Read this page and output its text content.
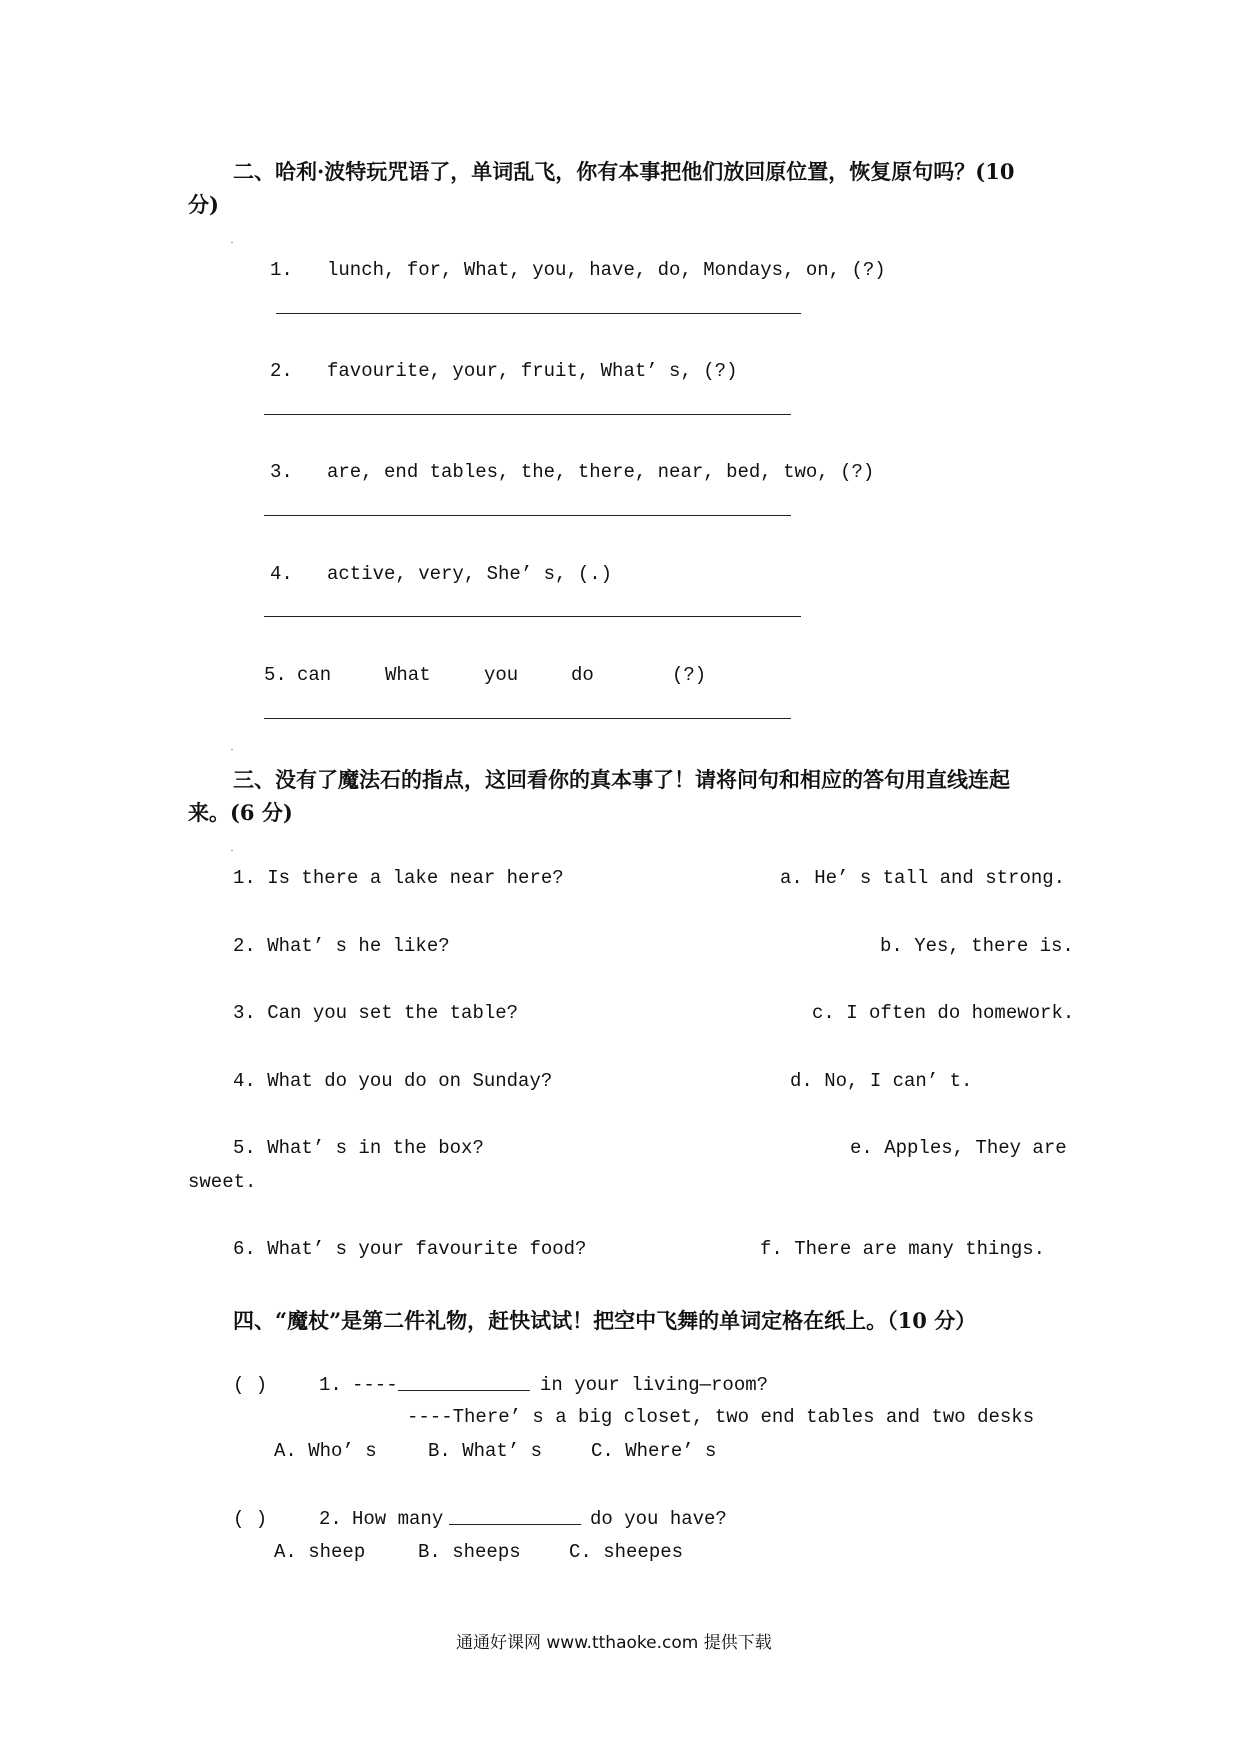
二、哈利·波特玩咒语了，单词乱飞，你有本事把他们放回原位置，恢复原句吗？(10
分)
1. lunch, for, What, you, have, do, Mondays, on, (?)
2. favourite, your, fruit, What’ s, (?)
3. are, end tables, the, there, near, bed, two, (?)
4. active, very, She’ s, (.)
5. can	What	you	do	(?)
三、没有了魔法石的指点，这回看你的真本事了！请将问句和相应的答句用直线连起
来。(6 分)
1. Is there a lake near here?	a. He’ s tall and strong.
2. What’ s he like?	b. Yes, there is.
3. Can you set the table?	c. I often do homework.
4. What do you do on Sunday?	d. No, I can’ t.
5. What’ s in the box?	e. Apples, They are
sweet.
6. What’ s your favourite food?	f. There are many things.
四、“魔杖”是第二件礼物，赶快试试！把空中飞舞的单词定格在纸上。（10 分）
( )	1. ----	in your living—room?
----There’ s a big closet, two end tables and two desks
A. Who’ s	B. What’ s	C. Where’ s
( )	2. How many	do you have?
A. sheep	B. sheeps	C. sheepes
通通好课网 www.tthaoke.com 提供下载
